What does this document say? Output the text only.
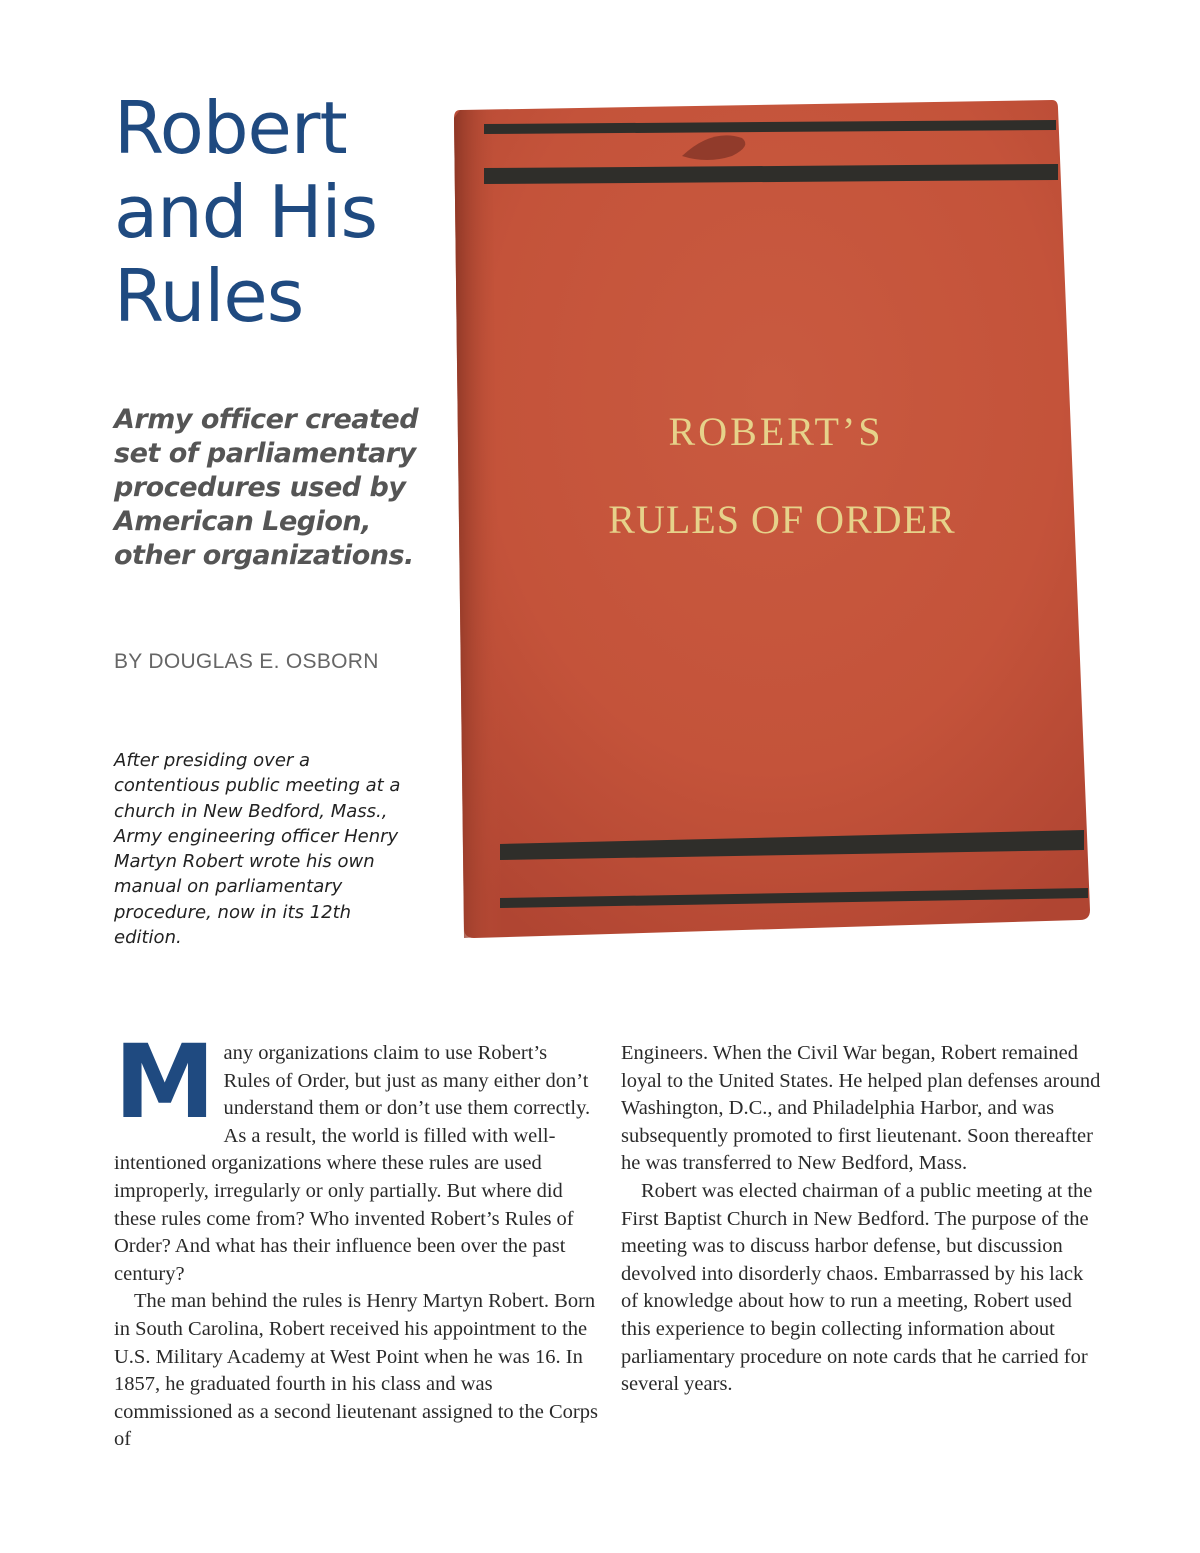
Robert
and His
Rules

Army officer created set of parliamentary procedures used by American Legion, other organizations.

BY DOUGLAS E. OSBORN

After presiding over a contentious public meeting at a church in New Bedford, Mass., Army engineering officer Henry Martyn Robert wrote his own manual on parliamentary procedure, now in its 12th edition.

ROBERT’S
RULES OF ORDER

Many organizations claim to use Robert’s Rules of Order, but just as many either don’t understand them or don’t use them correctly. As a result, the world is filled with well-intentioned organizations where these rules are used improperly, irregularly or only partially. But where did these rules come from? Who invented Robert’s Rules of Order? And what has their influence been over the past century?

The man behind the rules is Henry Martyn Robert. Born in South Carolina, Robert received his appointment to the U.S. Military Academy at West Point when he was 16. In 1857, he graduated fourth in his class and was commissioned as a second lieutenant assigned to the Corps of

Engineers. When the Civil War began, Robert remained loyal to the United States. He helped plan defenses around Washington, D.C., and Philadelphia Harbor, and was subsequently promoted to first lieutenant. Soon thereafter he was transferred to New Bedford, Mass.

Robert was elected chairman of a public meeting at the First Baptist Church in New Bedford. The purpose of the meeting was to discuss harbor defense, but discussion devolved into disorderly chaos. Embarrassed by his lack of knowledge about how to run a meeting, Robert used this experience to begin collecting information about parliamentary procedure on note cards that he carried for several years.
